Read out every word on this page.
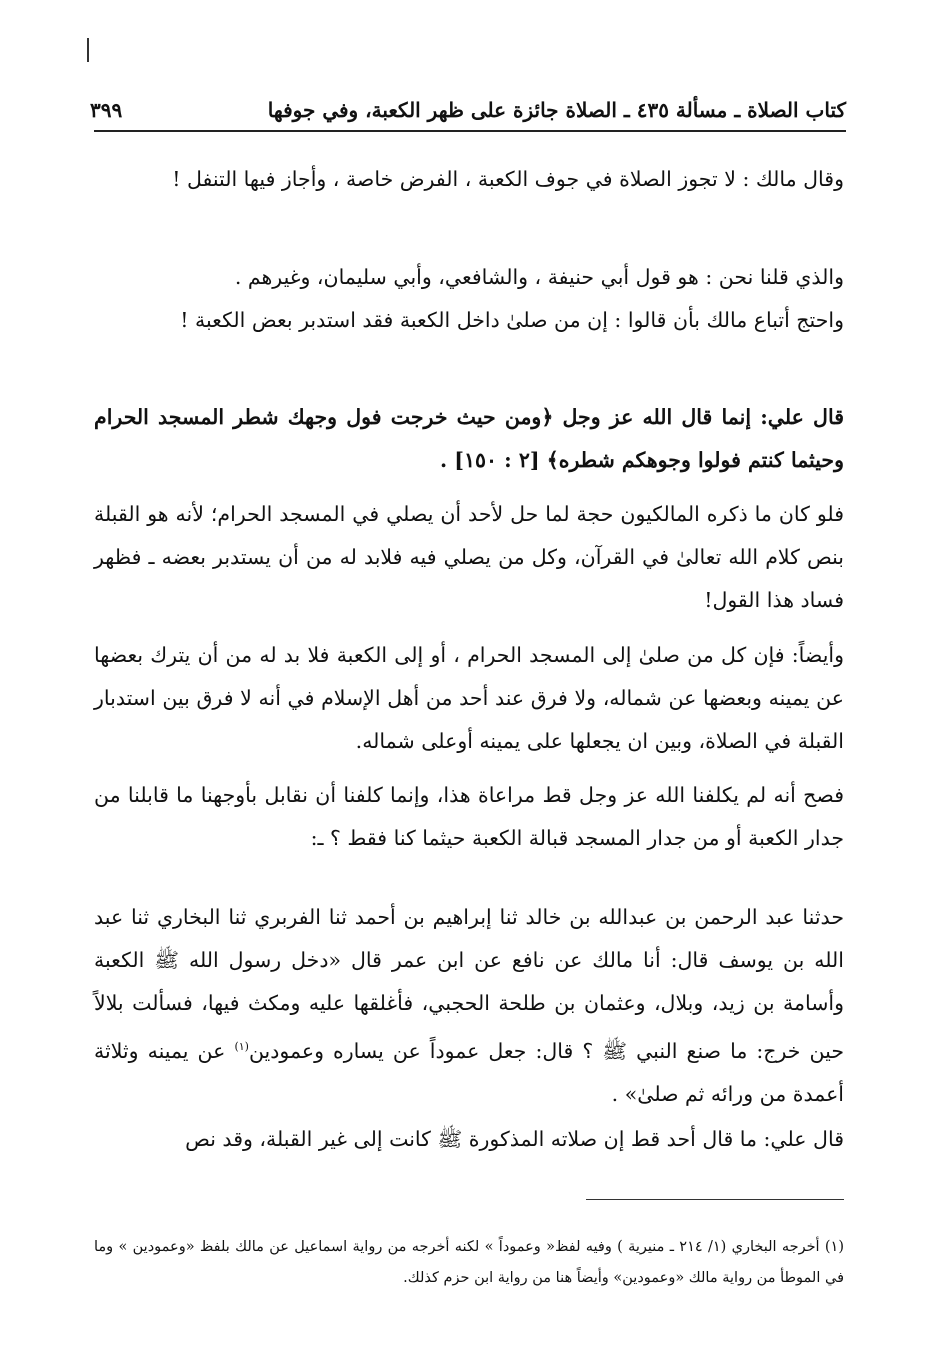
كتاب الصلاة ـ مسألة ٤٣٥ ـ الصلاة جائزة على ظهر الكعبة، وفي جوفها
٣٩٩

وقال مالك : لا تجوز الصلاة في جوف الكعبة ، الفرض خاصة ، وأجاز فيها التنفل !

والذي قلنا نحن : هو قول أبي حنيفة ، والشافعي، وأبي سليمان، وغيرهم .

واحتج أتباع مالك بأن قالوا : إن من صلىٰ داخل الكعبة فقد استدبر بعض الكعبة !

قال علي: إنما قال الله عز وجل ﴿ومن حيث خرجت فول وجهك شطر المسجد الحرام وحيثما كنتم فولوا وجوهكم شطره﴾ [٢ : ١٥٠] .

فلو كان ما ذكره المالكيون حجة لما حل لأحد أن يصلي في المسجد الحرام؛ لأنه هو القبلة بنص كلام الله تعالىٰ في القرآن، وكل من يصلي فيه فلابد له من أن يستدبر بعضه ـ فظهر فساد هذا القول!

وأيضاً: فإن كل من صلىٰ إلى المسجد الحرام ، أو إلى الكعبة فلا بد له من أن يترك بعضها عن يمينه وبعضها عن شماله، ولا فرق عند أحد من أهل الإسلام في أنه لا فرق بين استدبار القبلة في الصلاة، وبين ان يجعلها على يمينه أوعلى شماله.

فصح أنه لم يكلفنا الله عز وجل قط مراعاة هذا، وإنما كلفنا أن نقابل بأوجهنا ما قابلنا من جدار الكعبة أو من جدار المسجد قبالة الكعبة حيثما كنا فقط ؟ ـ:

حدثنا عبد الرحمن بن عبدالله بن خالد ثنا إبراهيم بن أحمد ثنا الفربري ثنا البخاري ثنا عبد الله بن يوسف قال: أنا مالك عن نافع عن ابن عمر قال «دخل رسول الله ﷺ الكعبة وأسامة بن زيد، وبلال، وعثمان بن طلحة الحجبي، فأغلقها عليه ومكث فيها، فسألت بلالاً حين خرج: ما صنع النبي ﷺ ؟ قال: جعل عموداً عن يساره وعمودين$^{(١)}$ عن يمينه وثلاثة أعمدة من ورائه ثم صلىٰ» .

قال علي: ما قال أحد قط إن صلاته المذكورة ﷺ كانت إلى غير القبلة، وقد نص

(١) أخرجه البخاري (١/ ٢١٤ ـ منيرية ) وفيه لفظ« وعموداً » لكنه أخرجه من رواية اسماعيل عن مالك بلفظ «وعمودين » وما في الموطأ من رواية مالك «وعمودين» وأيضاً هنا من رواية ابن حزم كذلك.
